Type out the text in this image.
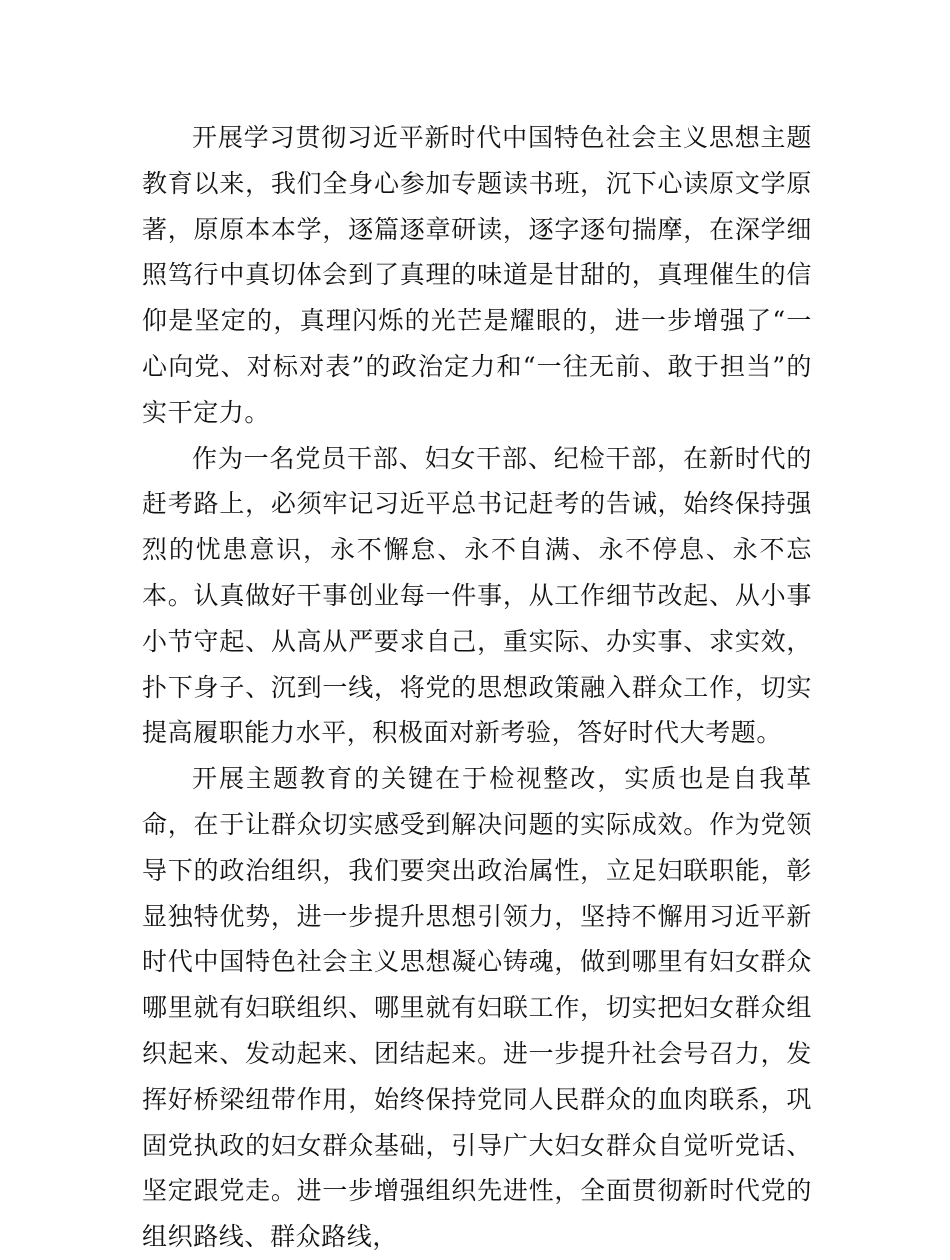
开展学习贯彻习近平新时代中国特色社会主义思想主题教育以来，我们全身心参加专题读书班，沉下心读原文学原著，原原本本学，逐篇逐章研读，逐字逐句揣摩，在深学细照笃行中真切体会到了真理的味道是甘甜的，真理催生的信仰是坚定的，真理闪烁的光芒是耀眼的，进一步增强了“一心向党、对标对表”的政治定力和“一往无前、敢于担当”的实干定力。

作为一名党员干部、妇女干部、纪检干部，在新时代的赶考路上，必须牢记习近平总书记赶考的告诫，始终保持强烈的忧患意识，永不懈怠、永不自满、永不停息、永不忘本。认真做好干事创业每一件事，从工作细节改起、从小事小节守起、从高从严要求自己，重实际、办实事、求实效，扑下身子、沉到一线，将党的思想政策融入群众工作，切实提高履职能力水平，积极面对新考验，答好时代大考题。

开展主题教育的关键在于检视整改，实质也是自我革命，在于让群众切实感受到解决问题的实际成效。作为党领导下的政治组织，我们要突出政治属性，立足妇联职能，彰显独特优势，进一步提升思想引领力，坚持不懈用习近平新时代中国特色社会主义思想凝心铸魂，做到哪里有妇女群众哪里就有妇联组织、哪里就有妇联工作，切实把妇女群众组织起来、发动起来、团结起来。进一步提升社会号召力，发挥好桥梁纽带作用，始终保持党同人民群众的血肉联系，巩固党执政的妇女群众基础，引导广大妇女群众自觉听党话、坚定跟党走。进一步增强组织先进性，全面贯彻新时代党的组织路线、群众路线，
